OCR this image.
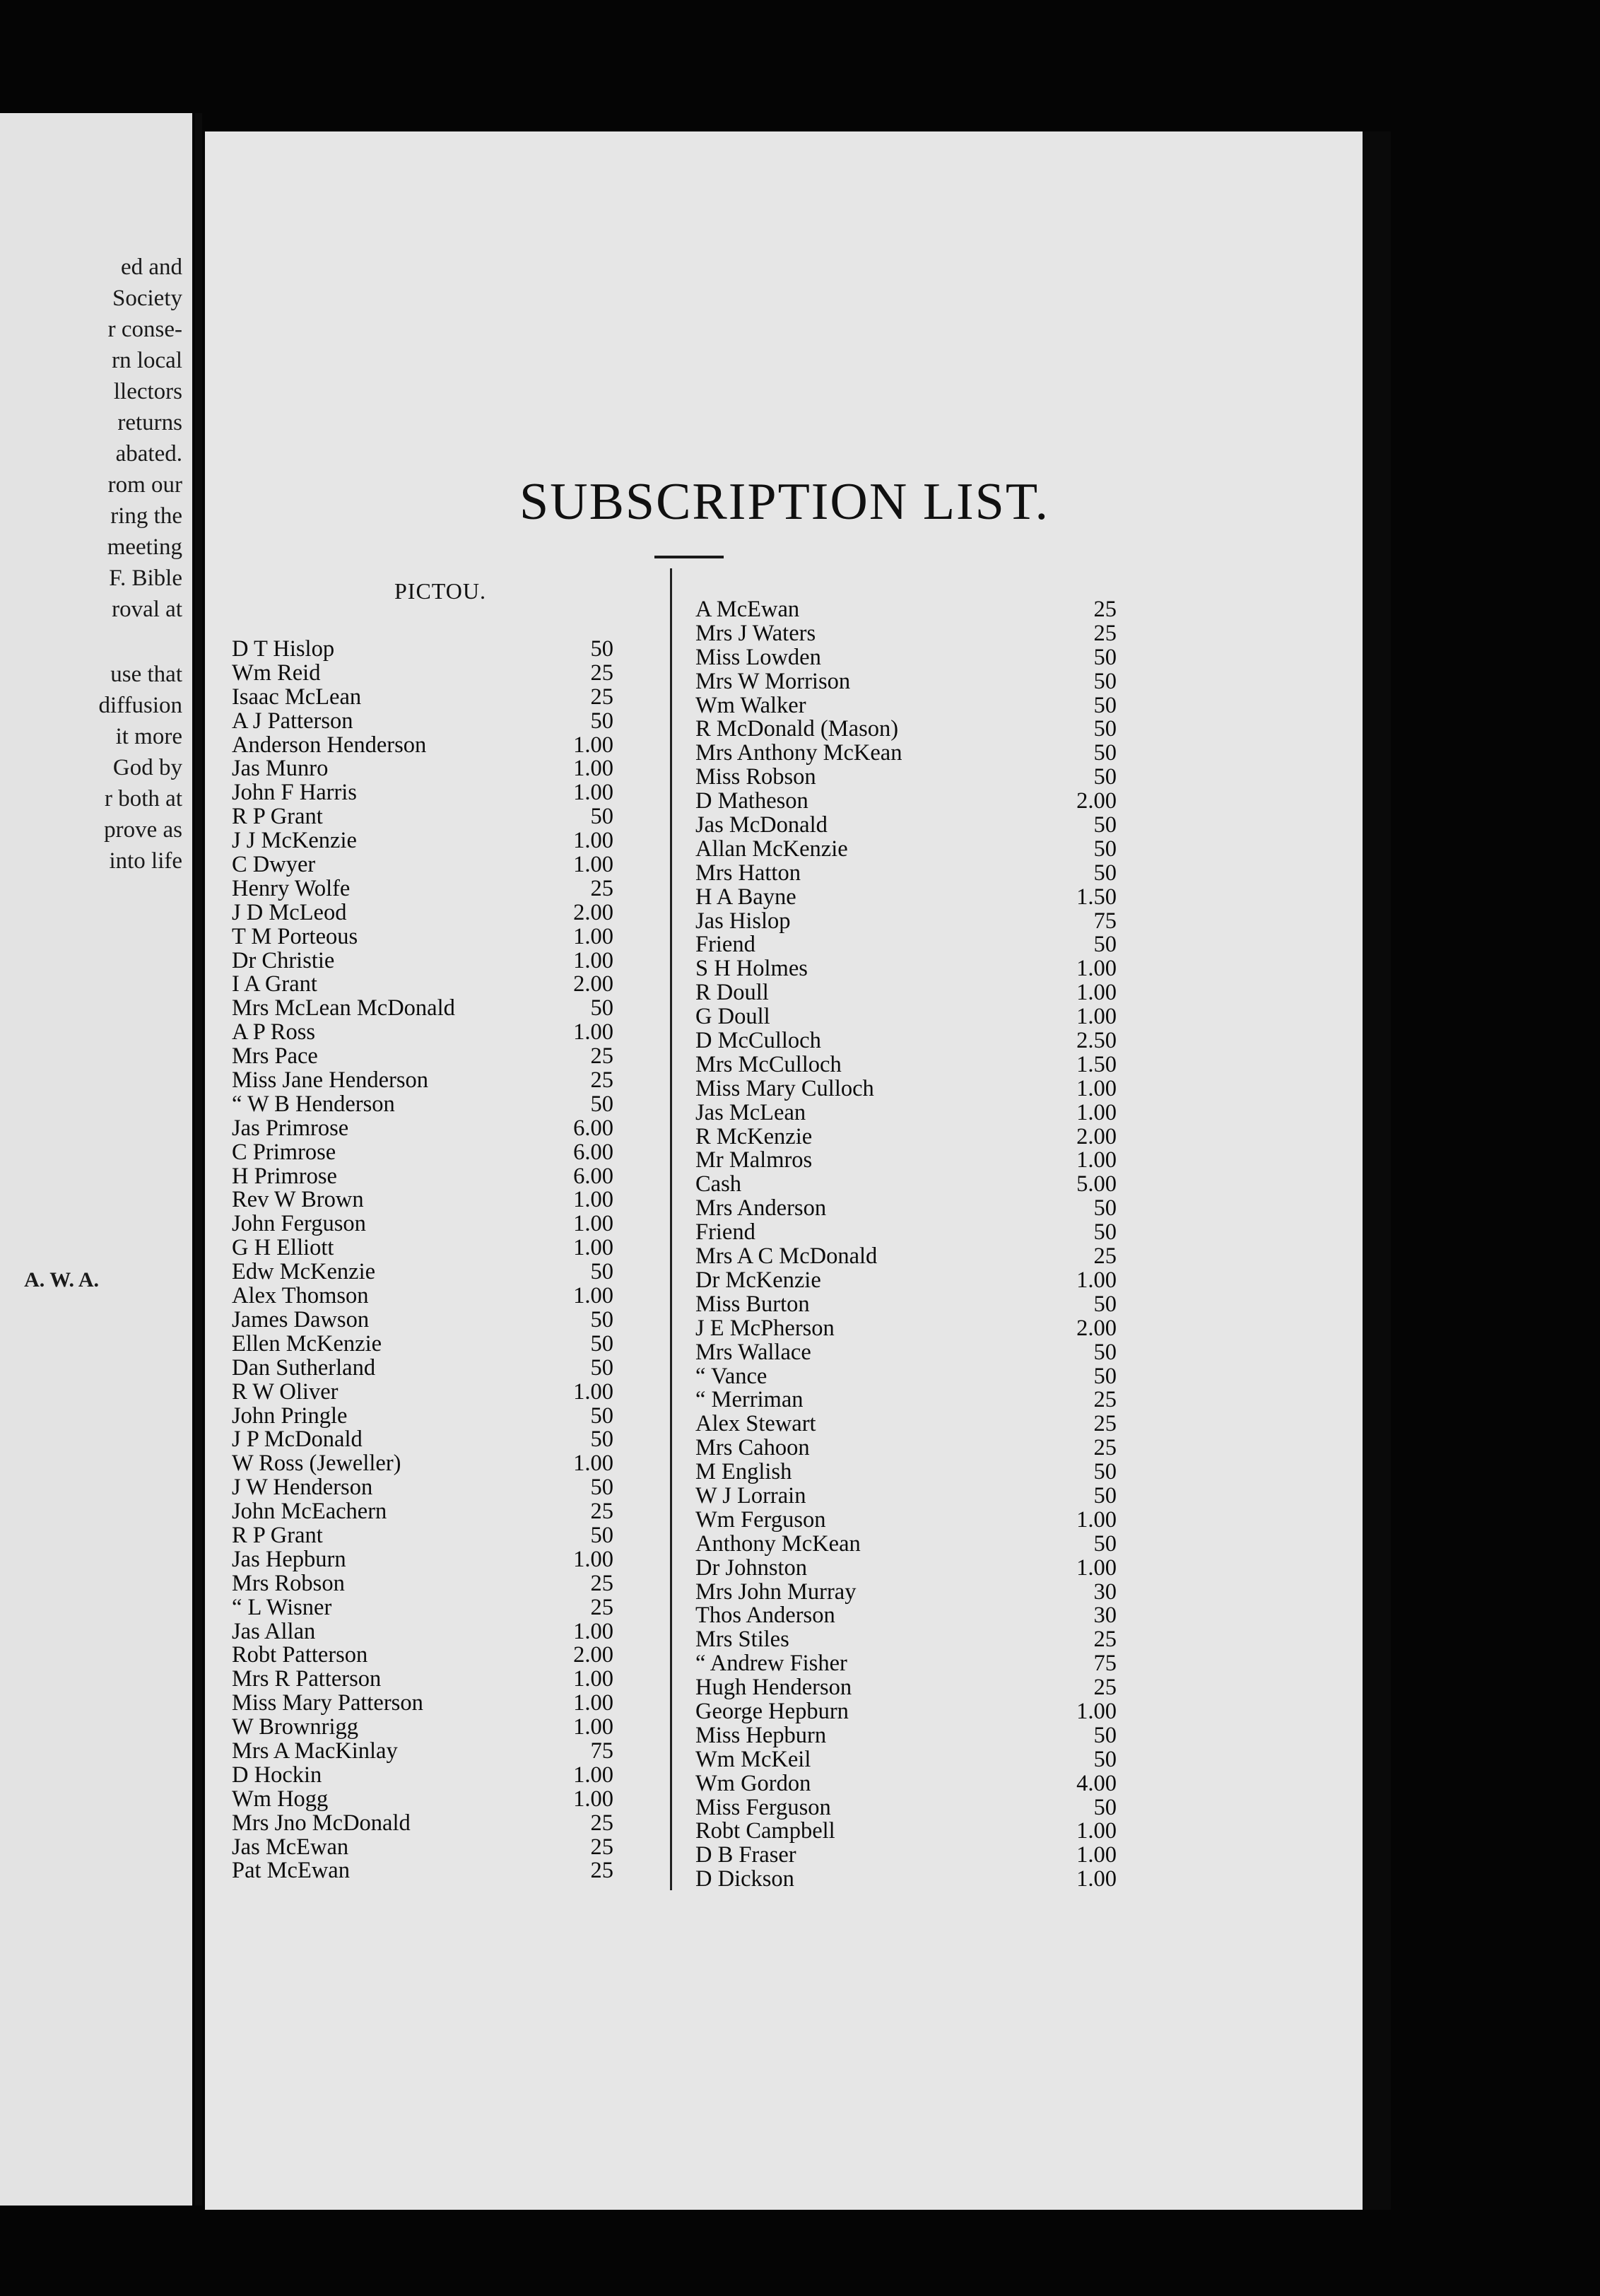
A. W. A.
ed and
Society
r conse-
rn local
llectors
returns
abated.
rom our
ring the
meeting
F. Bible
roval at
use that
diffusion
it more
God by
r both at
prove as
into life
SUBSCRIPTION LIST.
PICTOU.
D T Hislop	50
Wm Reid	25
Isaac McLean	25
A J Patterson	50
Anderson Henderson	1.00
Jas Munro	1.00
John F Harris	1.00
R P Grant	50
J J McKenzie	1.00
C Dwyer	1.00
Henry Wolfe	25
J D McLeod	2.00
T M Porteous	1.00
Dr Christie	1.00
I A Grant	2.00
Mrs McLean McDonald	50
A P Ross	1.00
Mrs Pace	25
Miss Jane Henderson	25
“ W B Henderson	50
Jas Primrose	6.00
C Primrose	6.00
H Primrose	6.00
Rev W Brown	1.00
John Ferguson	1.00
G H Elliott	1.00
Edw McKenzie	50
Alex Thomson	1.00
James Dawson	50
Ellen McKenzie	50
Dan Sutherland	50
R W Oliver	1.00
John Pringle	50
J P McDonald	50
W Ross (Jeweller)	1.00
J W Henderson	50
John McEachern	25
R P Grant	50
Jas Hepburn	1.00
Mrs Robson	25
“ L Wisner	25
Jas Allan	1.00
Robt Patterson	2.00
Mrs R Patterson	1.00
Miss Mary Patterson	1.00
W Brownrigg	1.00
Mrs A MacKinlay	75
D Hockin	1.00
Wm Hogg	1.00
Mrs Jno McDonald	25
Jas McEwan	25
Pat McEwan	25
A McEwan	25
Mrs J Waters	25
Miss Lowden	50
Mrs W Morrison	50
Wm Walker	50
R McDonald (Mason)	50
Mrs Anthony McKean	50
Miss Robson	50
D Matheson	2.00
Jas McDonald	50
Allan McKenzie	50
Mrs Hatton	50
H A Bayne	1.50
Jas Hislop	75
Friend	50
S H Holmes	1.00
R Doull	1.00
G Doull	1.00
D McCulloch	2.50
Mrs McCulloch	1.50
Miss Mary Culloch	1.00
Jas McLean	1.00
R McKenzie	2.00
Mr Malmros	1.00
Cash	5.00
Mrs Anderson	50
Friend	50
Mrs A C McDonald	25
Dr McKenzie	1.00
Miss Burton	50
J E McPherson	2.00
Mrs Wallace	50
“ Vance	50
“ Merriman	25
Alex Stewart	25
Mrs Cahoon	25
M English	50
W J Lorrain	50
Wm Ferguson	1.00
Anthony McKean	50
Dr Johnston	1.00
Mrs John Murray	30
Thos Anderson	30
Mrs Stiles	25
“ Andrew Fisher	75
Hugh Henderson	25
George Hepburn	1.00
Miss Hepburn	50
Wm McKeil	50
Wm Gordon	4.00
Miss Ferguson	50
Robt Campbell	1.00
D B Fraser	1.00
D Dickson	1.00
